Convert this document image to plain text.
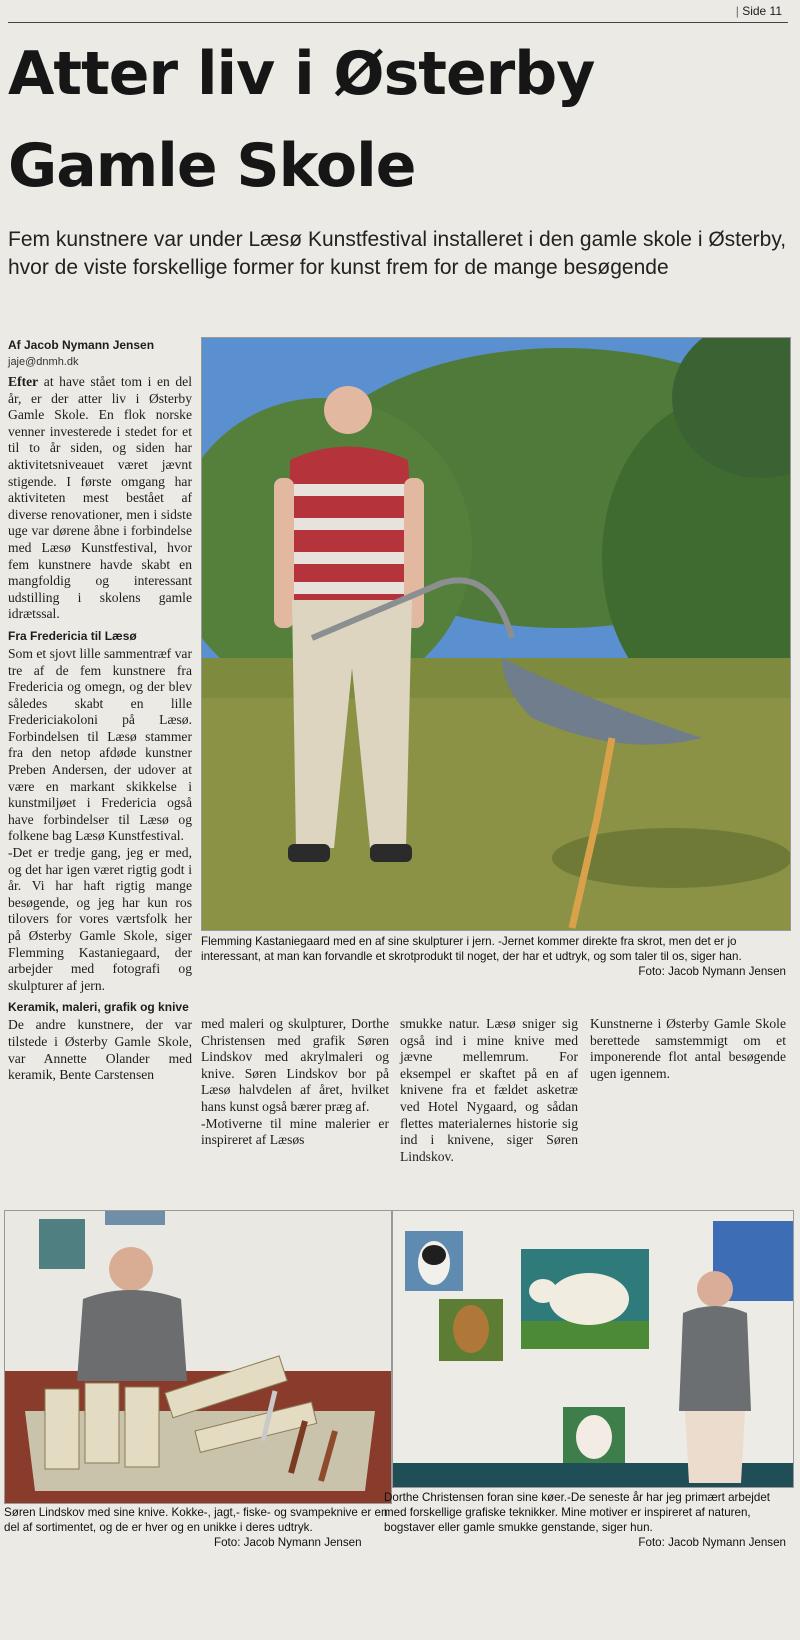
| Side 11
Atter liv i Østerby Gamle Skole
Fem kunstnere var under Læsø Kunstfestival installeret i den gamle skole i Østerby, hvor de viste forskellige former for kunst frem for de mange besøgende
Af Jacob Nymann Jensen
jaje@dnmh.dk

Efter at have stået tom i en del år, er der atter liv i Østerby Gamle Skole. En flok norske venner investerede i stedet for et til to år siden, og siden har aktivitetsniveauet været jævnt stigende. I første omgang har aktiviteten mest bestået af diverse renovationer, men i sidste uge var dørene åbne i forbindelse med Læsø Kunstfestival, hvor fem kunstnere havde skabt en mangfoldig og interessant udstilling i skolens gamle idrætssal.

Fra Fredericia til Læsø

Som et sjovt lille sammentræf var tre af de fem kunstnere fra Fredericia og omegn, og der blev således skabt en lille Fredericiakoloni på Læsø. Forbindelsen til Læsø stammer fra den netop afdøde kunstner Preben Andersen, der udover at være en markant skikkelse i kunstmiljøet i Fredericia også have forbindelser til Læsø og folkene bag Læsø Kunstfestival.

-Det er tredje gang, jeg er med, og det har igen været rigtig godt i år. Vi har haft rigtig mange besøgende, og jeg har kun ros tilovers for vores værtsfolk her på Østerby Gamle Skole, siger Flemming Kastaniegaard, der arbejder med fotografi og skulpturer af jern.

Keramik, maleri, grafik og knive

De andre kunstnere, der var tilstede i Østerby Gamle Skole, var Annette Olander med keramik, Bente Carstensen

Flemming Kastaniegaard med en af sine skulpturer i jern. -Jernet kommer direkte fra skrot, men det er jo interessant, at man kan forvandle et skrotprodukt til noget, der har et udtryk, og som taler til os, siger han.
Foto: Jacob Nymann Jensen

med maleri og skulpturer, Dorthe Christensen med grafik Søren Lindskov med akrylmaleri og knive. Søren Lindskov bor på Læsø halvdelen af året, hvilket hans kunst også bærer præg af.

-Motiverne til mine malerier er inspireret af Læsøs

smukke natur. Læsø sniger sig også ind i mine knive med jævne mellemrum. For eksempel er skaftet på en af knivene fra et fældet asketræ ved Hotel Nygaard, og sådan flettes materialernes historie sig ind i knivene, siger Søren Lindskov.

Kunstnerne i Østerby Gamle Skole berettede samstemmigt om et imponerende flot antal besøgende ugen igennem.

Søren Lindskov med sine knive. Kokke-, jagt,- fiske- og svampeknive er en del af sortimentet, og de er hver og en unikke i deres udtryk.
Foto: Jacob Nymann Jensen
Dorthe Christensen foran sine køer.-De seneste år har jeg primært arbejdet med forskellige grafiske teknikker. Mine motiver er inspireret af naturen, bogstaver eller gamle smukke genstande, siger hun.
Foto: Jacob Nymann Jensen
